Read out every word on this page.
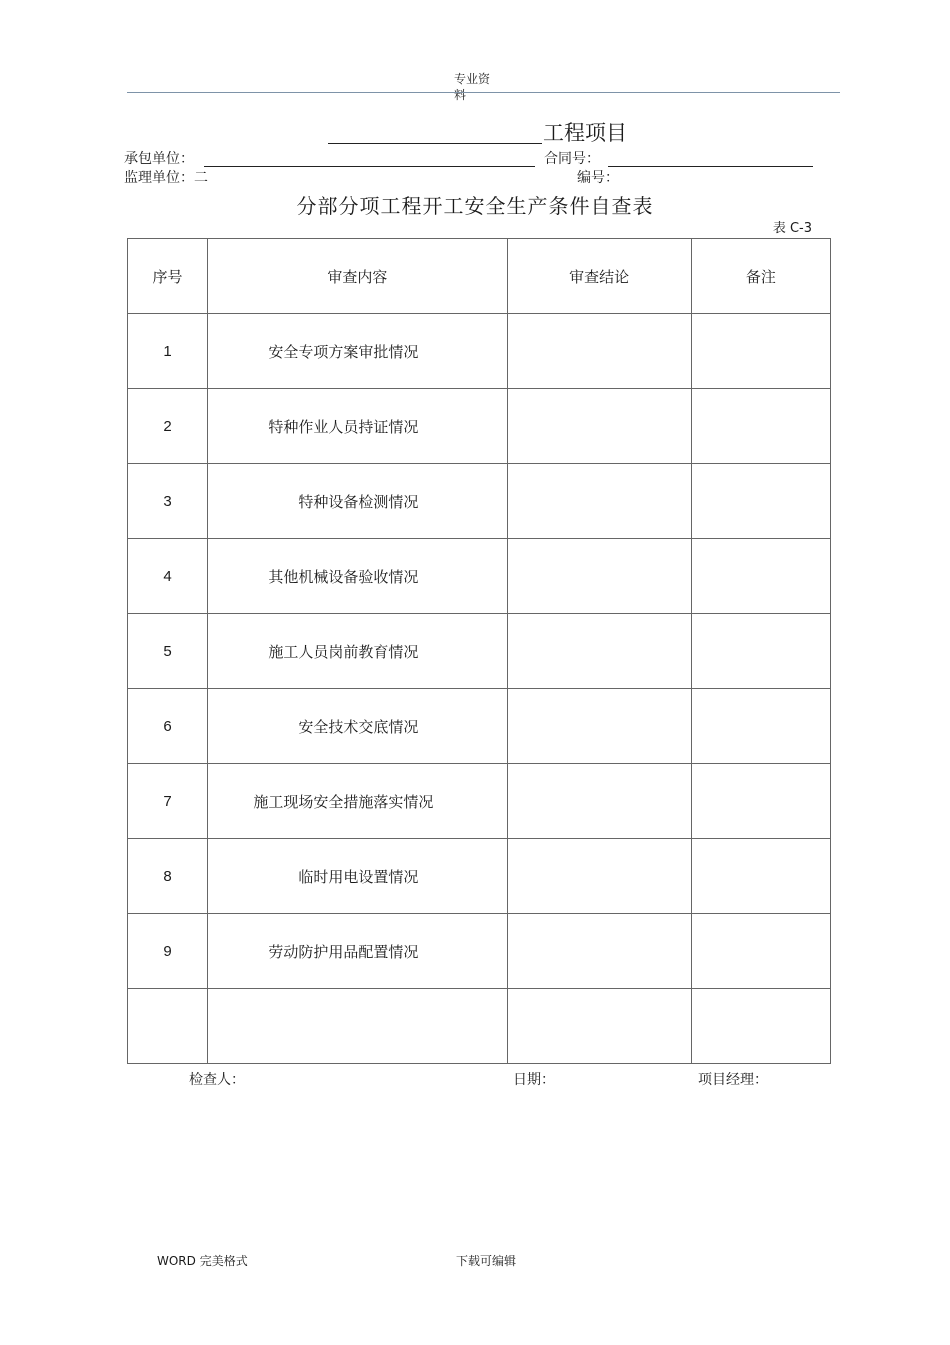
专业资
料
工程项目
承包单位：	合同号：
监理单位：二	编号：
分部分项工程开工安全生产条件自查表
表 C-3
序号	审查内容	审查结论	备注
1	安全专项方案审批情况		
2	特种作业人员持证情况		
3	特种设备检测情况		
4	其他机械设备验收情况		
5	施工人员岗前教育情况		
6	安全技术交底情况		
7	施工现场安全措施落实情况		
8	临时用电设置情况		
9	劳动防护用品配置情况		

检查人：	日期：	项目经理：
WORD 完美格式	下载可编辑
